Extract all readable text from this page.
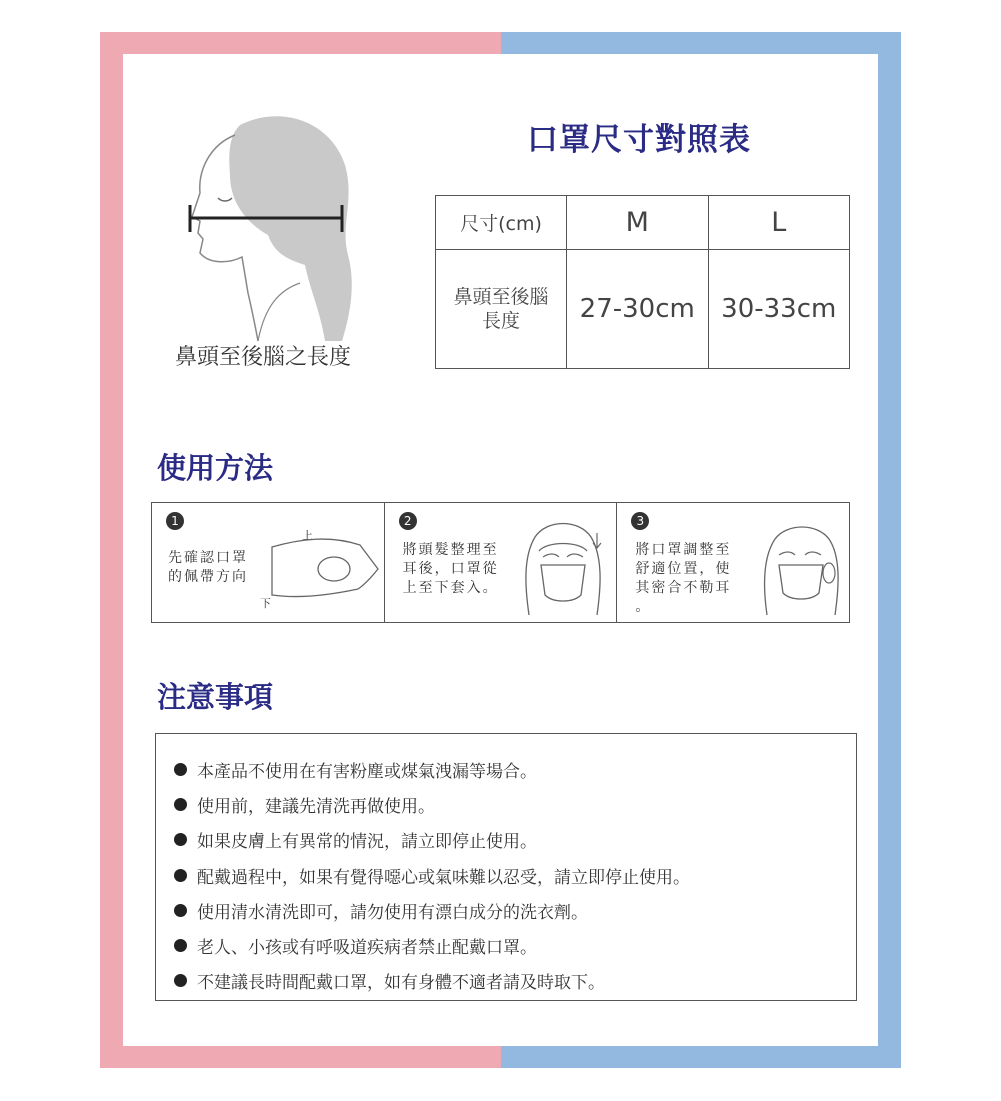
鼻頭至後腦之長度
口罩尺寸對照表
尺寸(cm)	M	L

鼻頭至後腦長度	27-30cm	30-33cm
使用方法
1
先確認口罩
的佩帶方向
上
下
2
將頭髮整理至
耳後，口罩從
上至下套入。
3
將口罩調整至
舒適位置，使
其密合不勒耳
。
注意事項
本產品不使用在有害粉塵或煤氣洩漏等場合。
使用前，建議先清洗再做使用。
如果皮膚上有異常的情況，請立即停止使用。
配戴過程中，如果有覺得噁心或氣味難以忍受，請立即停止使用。
使用清水清洗即可，請勿使用有漂白成分的洗衣劑。
老人、小孩或有呼吸道疾病者禁止配戴口罩。
不建議長時間配戴口罩，如有身體不適者請及時取下。
